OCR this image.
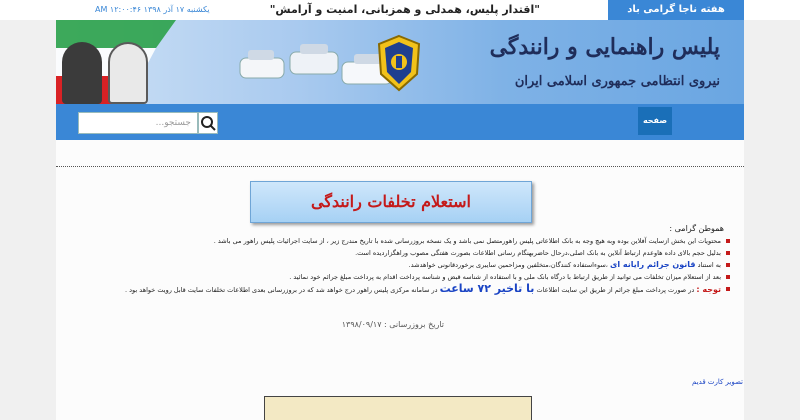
هفته ناجا گرامی باد
"اقتدار پلیس، همدلی و همزبانی، امنیت و آرامش"
یکشنبه ۱۷ آذر ۱۳۹۸ ۱۲:۰۰:۴۶ AM
پلیس راهنمایی و رانندگی
نیروی انتظامی جمهوری اسلامی ایران
جستجو...	صفحه
استعلام تخلفات رانندگی
هموطن گرامی :
محتویات این بخش ازسایت آفلاین بوده وبه هیچ وجه به بانک اطلاعاتی پلیس راهورمتصل نمی باشد و یک نسخه بروزرسانی شده با تاریخ مندرج زیر ، از سایت اجرائیات پلیس راهور می باشد .
بدلیل حجم بالای داده هاوعدم ارتباط آنلاین به بانک اصلی،درحال حاضربهنگام رسانی اطلاعات بصورت هفتگی مصوب وراهگزاردیده است.
به استناد قانون جرائم رایانه ای ،سوءاستفاده کنندگان،متخلفین ومزاحمین سایبری برخوردقانونی خواهدشد.
بعد از استعلام میزان تخلفات می توانید از طریق ارتباط با درگاه بانک ملی و با استفاده از شناسه قبض و شناسه پرداخت اقدام به پرداخت مبلغ جرائم خود نمائید .
توجه : در صورت پرداخت مبلغ جرائم از طریق این سایت اطلاعات با تاخیر ۷۲ ساعت در سامانه مرکزی پلیس راهور درج خواهد شد که در بروزرسانی بعدی اطلاعات تخلفات سایت قابل رویت خواهد بود .
تاریخ بروزرسانی : ۱۳۹۸/۰۹/۱۷
تصویر کارت قدیم
